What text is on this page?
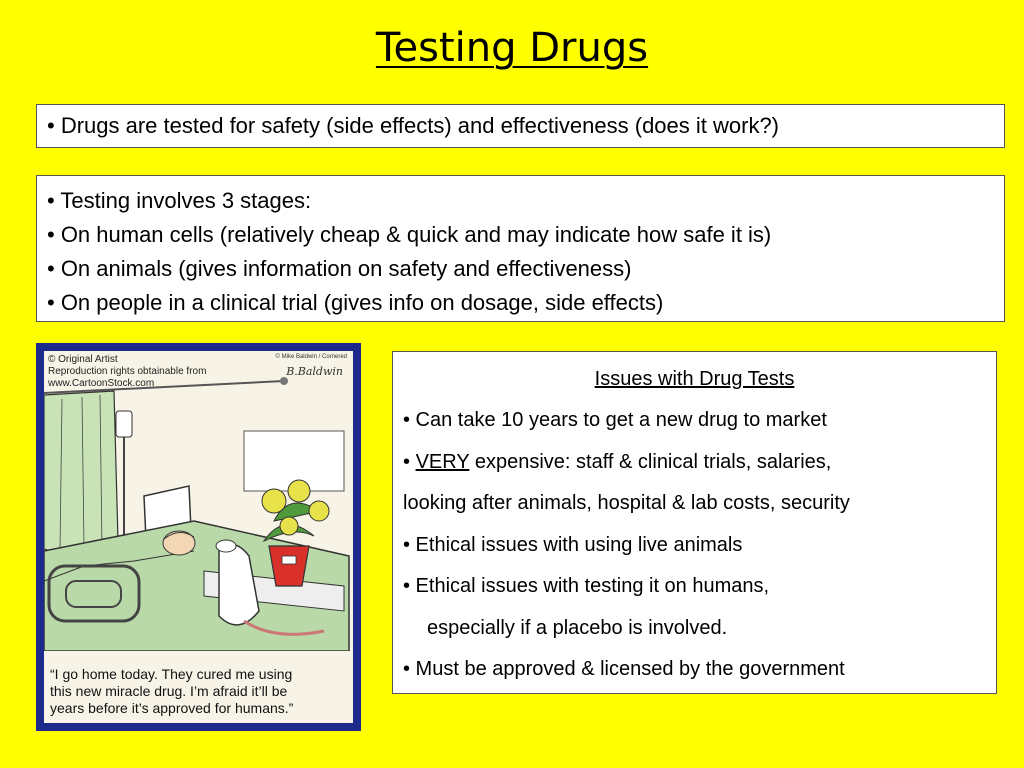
Testing Drugs
• Drugs are tested for safety (side effects) and effectiveness (does it work?)
• Testing involves 3 stages:
• On human cells (relatively cheap & quick and may indicate how safe it is)
• On animals (gives information on safety and effectiveness)
• On people in a clinical trial (gives info on dosage, side effects)
© Original Artist
Reproduction rights obtainable from
www.CartoonStock.com
© Mike Baldwin / Cornered
B.Baldwin
“I go home today. They cured me using
this new miracle drug. I’m afraid it’ll be
years before it’s approved for humans.”
Issues with Drug Tests
• Can take 10 years to get a new drug to market
• VERY expensive: staff & clinical trials, salaries,
looking after animals, hospital & lab costs, security
• Ethical issues with using live animals
• Ethical issues with testing it on humans,
especially if a placebo is involved.
• Must be approved & licensed by the government
